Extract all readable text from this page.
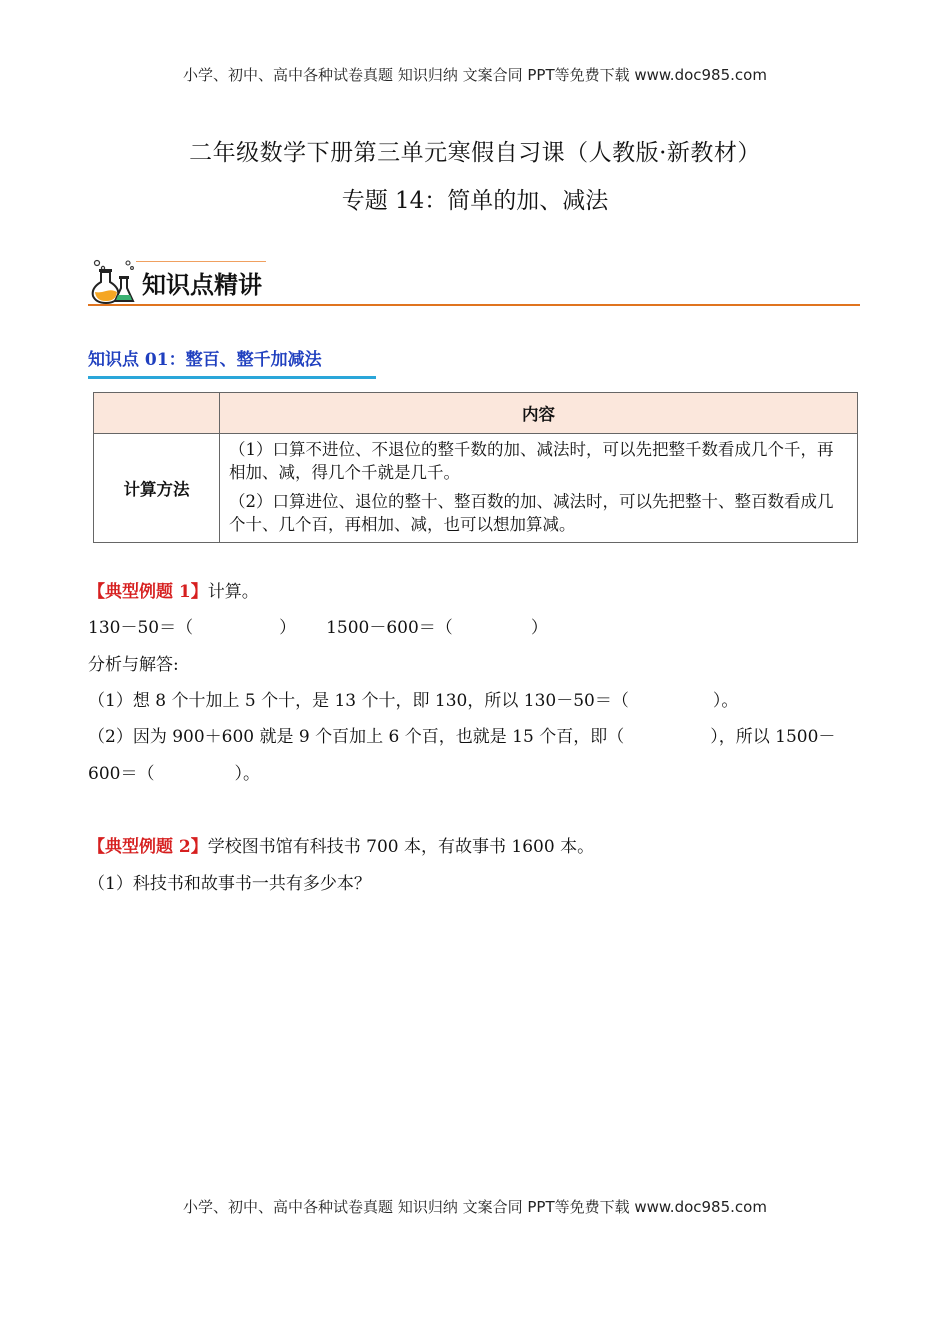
小学、初中、高中各种试卷真题 知识归纳 文案合同 PPT等免费下载 www.doc985.com
二年级数学下册第三单元寒假自习课（人教版·新教材）
专题 14：简单的加、减法
知识点精讲
知识点 01：整百、整千加减法
	内容
计算方法	（1）口算不进位、不退位的整千数的加、减法时，可以先把整千数看成几个千，再相加、减，得几个千就是几千。

（2）口算进位、退位的整十、整百数的加、减法时，可以先把整十、整百数看成几个十、几个百，再相加、减，也可以想加算减。

【典型例题 1】计算。
130－50＝（	） 1500－600＝（	）
分析与解答:
（1）想 8 个十加上 5 个十，是 13 个十，即 130，所以 130－50＝（	）。
（2）因为 900＋600 就是 9 个百加上 6 个百，也就是 15 个百，即（	），所以 1500－
600＝（	）。
【典型例题 2】学校图书馆有科技书 700 本，有故事书 1600 本。
（1）科技书和故事书一共有多少本？
小学、初中、高中各种试卷真题 知识归纳 文案合同 PPT等免费下载 www.doc985.com
